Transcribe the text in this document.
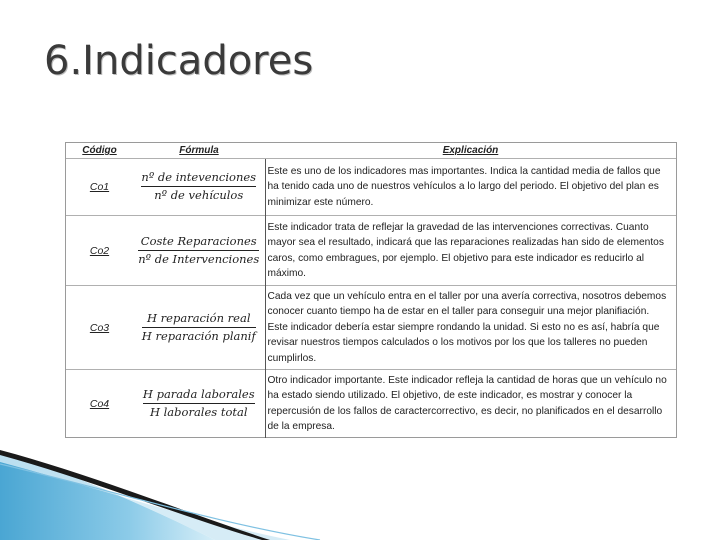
6.Indicadores
Código	Fórmula	Explicación
Co1	$\frac{\text{nº de intevenciones}}{\text{nº de vehículos}}$	Este es uno de los indicadores mas importantes. Indica la cantidad media de fallos que ha tenido cada uno de nuestros vehículos a lo largo del periodo. El objetivo del plan es minimizar este número.
Co2	$\frac{\text{Coste Reparaciones}}{\text{nº de Intervenciones}}$	Este indicador trata de reflejar la gravedad de las intervenciones correctivas. Cuanto mayor sea el resultado, indicará que las reparaciones realizadas han sido de elementos caros, como embragues, por ejemplo. El objetivo para este indicador es reducirlo al máximo.
Co3	$\frac{\text{H reparación real}}{\text{H reparación planif}}$	Cada vez que un vehículo entra en el taller por una avería correctiva, nosotros debemos conocer cuanto tiempo ha de estar en el taller para conseguir una mejor planifiación. Este indicador debería estar siempre rondando la unidad. Si esto no es así, habría que revisar nuestros tiempos calculados o los motivos por los que los talleres no pueden cumplirlos.
Co4	$\frac{\text{H parada laborales}}{\text{H laborales total}}$	Otro indicador importante. Este indicador refleja la cantidad de horas que un vehículo no ha estado siendo utilizado. El objetivo, de este indicador, es mostrar y conocer la repercusión de los fallos de caractercorrectivo, es decir, no planificados en el desarrollo de la empresa.
